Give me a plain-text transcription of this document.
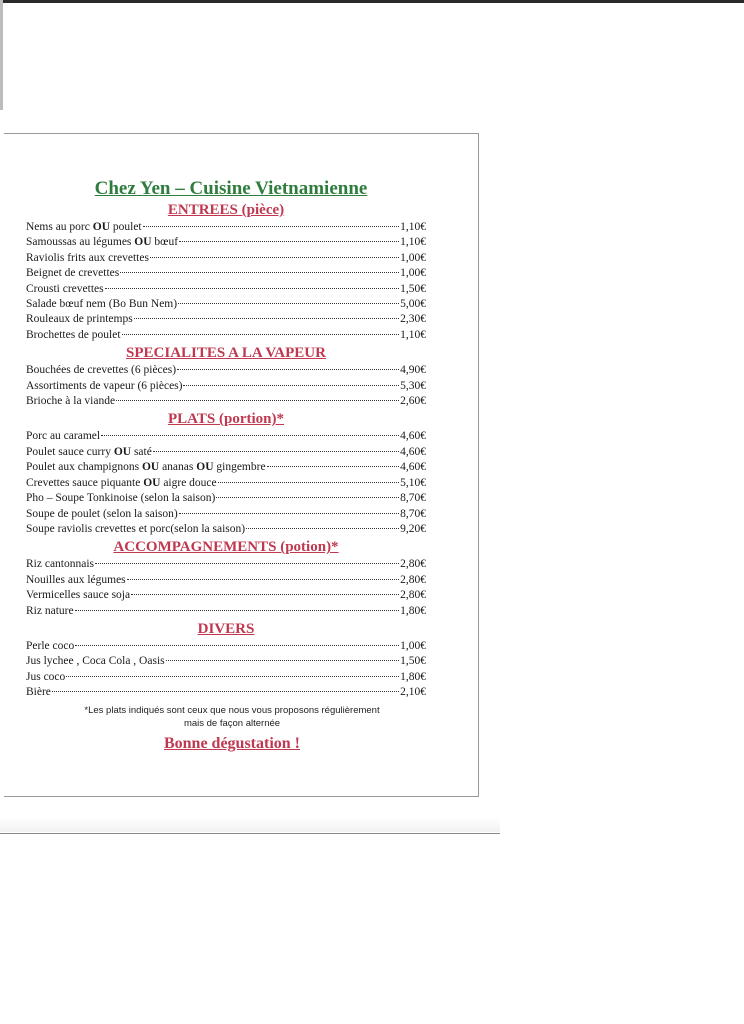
Chez Yen – Cuisine Vietnamienne
ENTREES (pièce)
Nems au porc OU poulet	1,10€
Samoussas au légumes OU bœuf	1,10€
Raviolis frits aux crevettes	1,00€
Beignet de crevettes	1,00€
Crousti crevettes	1,50€
Salade bœuf nem (Bo Bun Nem)	5,00€
Rouleaux de printemps	2,30€
Brochettes de poulet	1,10€
SPECIALITES A LA VAPEUR
Bouchées de crevettes (6 pièces)	4,90€
Assortiments de vapeur (6 pièces)	5,30€
Brioche à la viande	2,60€
PLATS (portion)*
Porc au caramel	4,60€
Poulet sauce curry OU saté	4,60€
Poulet aux champignons OU ananas OU gingembre	4,60€
Crevettes sauce piquante OU aigre douce	5,10€
Pho – Soupe Tonkinoise (selon la saison)	8,70€
Soupe de poulet (selon la saison)	8,70€
Soupe raviolis crevettes et porc(selon la saison)	9,20€
ACCOMPAGNEMENTS (potion)*
Riz cantonnais	2,80€
Nouilles aux légumes	2,80€
Vermicelles sauce soja	2,80€
Riz nature	1,80€
DIVERS
Perle coco	1,00€
Jus lychee , Coca Cola , Oasis	1,50€
Jus coco	1,80€
Bière	2,10€
*Les plats indiqués sont ceux que nous vous proposons régulièrement
mais de façon alternée
Bonne dégustation !
